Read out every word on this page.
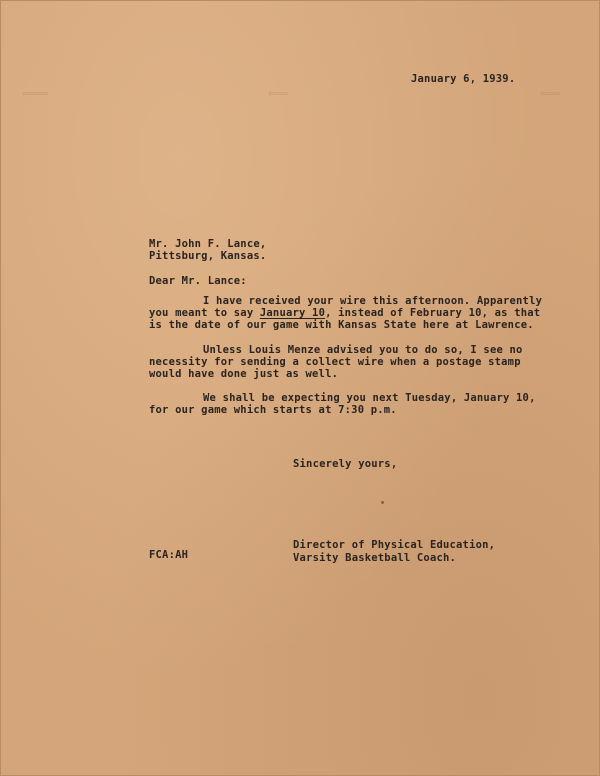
▭▭▭▭	▭▭▭	▭▭▭
January 6, 1939.
Mr. John F. Lance,
Pittsburg, Kansas.
Dear Mr. Lance:
I have received your wire this afternoon. Apparently
you meant to say January 10, instead of February 10, as that
is the date of our game with Kansas State here at Lawrence.
Unless Louis Menze advised you to do so, I see no
necessity for sending a collect wire when a postage stamp
would have done just as well.
We shall be expecting you next Tuesday, January 10,
for our game which starts at 7:30 p.m.
Sincerely yours,
Director of Physical Education,
Varsity Basketball Coach.
FCA:AH
